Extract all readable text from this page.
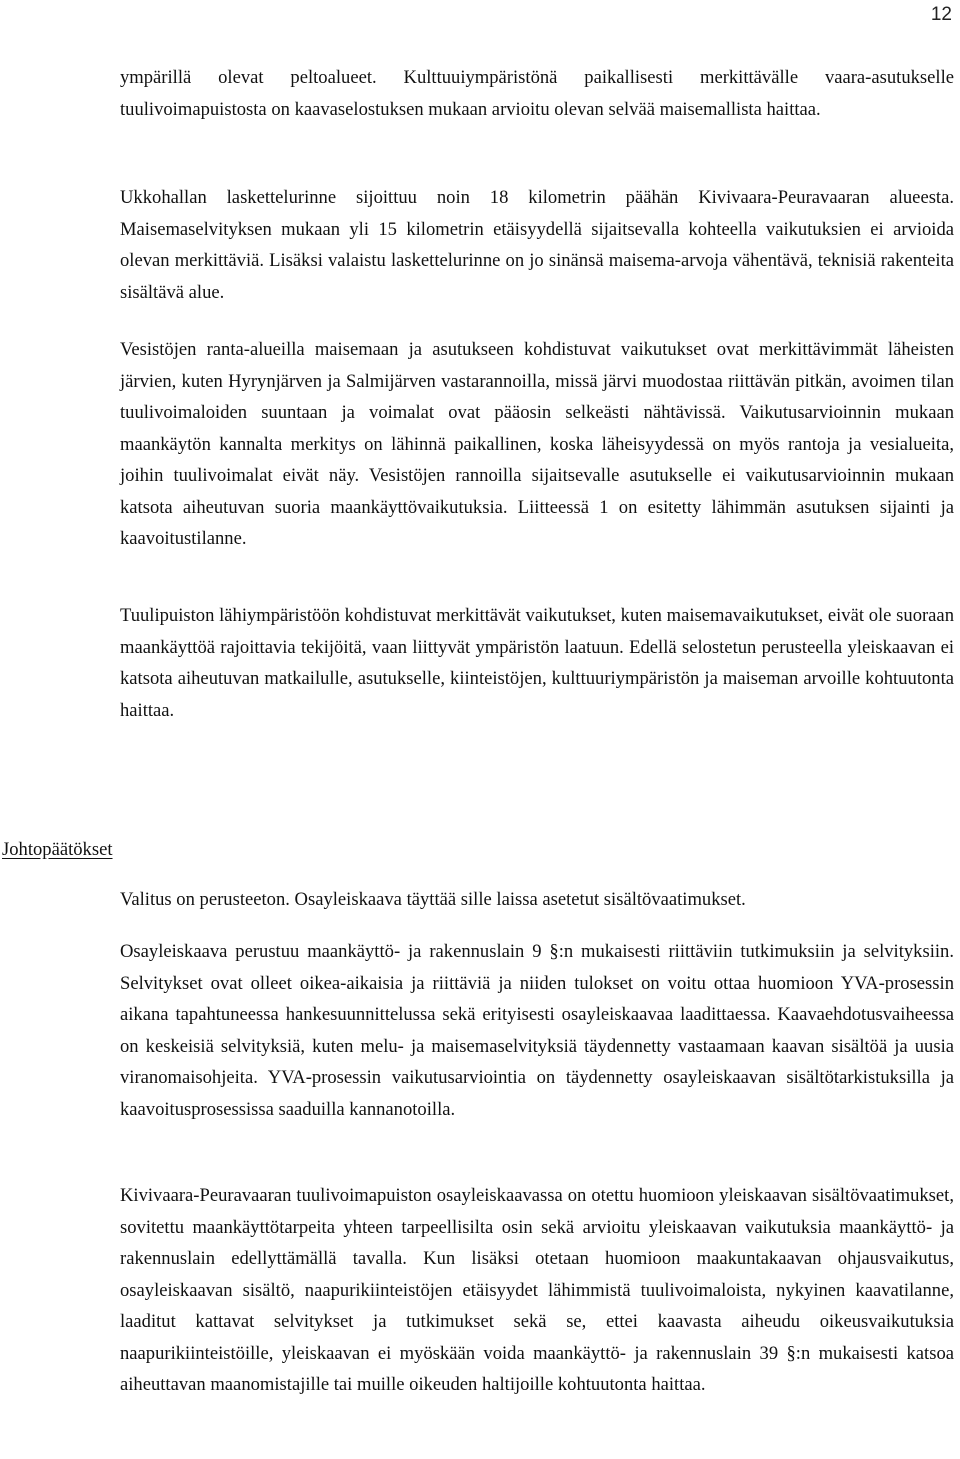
12

ympärillä olevat peltoalueet. Kulttuuiympäristönä paikallisesti merkittävälle vaara-asutukselle tuulivoimapuistosta on kaavaselostuksen mukaan arvioitu olevan selvää maisemallista haittaa.

Ukkohallan laskettelurinne sijoittuu noin 18 kilometrin päähän Kivivaara-Peuravaaran alueesta. Maisemaselvityksen mukaan yli 15 kilometrin etäisyydellä sijaitsevalla kohteella vaikutuksien ei arvioida olevan merkittäviä. Lisäksi valaistu laskettelurinne on jo sinänsä maisema-arvoja vähentävä, teknisiä rakenteita sisältävä alue.

Vesistöjen ranta-alueilla maisemaan ja asutukseen kohdistuvat vaikutukset ovat merkittävimmät läheisten järvien, kuten Hyrynjärven ja Salmijärven vastarannoilla, missä järvi muodostaa riittävän pitkän, avoimen tilan tuulivoimaloiden suuntaan ja voimalat ovat pääosin selkeästi nähtävissä. Vaikutusarvioinnin mukaan maankäytön kannalta merkitys on lähinnä paikallinen, koska läheisyydessä on myös rantoja ja vesialueita, joihin tuulivoimalat eivät näy. Vesistöjen rannoilla sijaitsevalle asutukselle ei vaikutusarvioinnin mukaan katsota aiheutuvan suoria maankäyttövaikutuksia. Liitteessä 1 on esitetty lähimmän asutuksen sijainti ja kaavoitustilanne.

Tuulipuiston lähiympäristöön kohdistuvat merkittävät vaikutukset, kuten maisemavaikutukset, eivät ole suoraan maankäyttöä rajoittavia tekijöitä, vaan liittyvät ympäristön laatuun. Edellä selostetun perusteella yleiskaavan ei katsota aiheutuvan matkailulle, asutukselle, kiinteistöjen, kulttuuriympäristön ja maiseman arvoille kohtuutonta haittaa.

Johtopäätökset

Valitus on perusteeton. Osayleiskaava täyttää sille laissa asetetut sisältövaatimukset.

Osayleiskaava perustuu maankäyttö- ja rakennuslain 9 §:n mukaisesti riittäviin tutkimuksiin ja selvityksiin. Selvitykset ovat olleet oikea-aikaisia ja riittäviä ja niiden tulokset on voitu ottaa huomioon YVA-prosessin aikana tapahtuneessa hankesuunnittelussa sekä erityisesti osayleiskaavaa laadittaessa. Kaavaehdotusvaiheessa on keskeisiä selvityksiä, kuten melu- ja maisemaselvityksiä täydennetty vastaamaan kaavan sisältöä ja uusia viranomaisohjeita. YVA-prosessin vaikutusarviointia on täydennetty osayleiskaavan sisältötarkistuksilla ja kaavoitusprosessissa saaduilla kannanotoilla.

Kivivaara-Peuravaaran tuulivoimapuiston osayleiskaavassa on otettu huomioon yleiskaavan sisältövaatimukset, sovitettu maankäyttötarpeita yhteen tarpeellisilta osin sekä arvioitu yleiskaavan vaikutuksia maankäyttö- ja rakennuslain edellyttämällä tavalla. Kun lisäksi otetaan huomioon maakuntakaavan ohjausvaikutus, osayleiskaavan sisältö, naapurikiinteistöjen etäisyydet lähimmistä tuulivoimaloista, nykyinen kaavatilanne, laaditut kattavat selvitykset ja tutkimukset sekä se, ettei kaavasta aiheudu oikeusvaikutuksia naapurikiinteistöille, yleiskaavan ei myöskään voida maankäyttö- ja rakennuslain 39 §:n mukaisesti katsoa aiheuttavan maanomistajille tai muille oikeuden haltijoille kohtuutonta haittaa.
